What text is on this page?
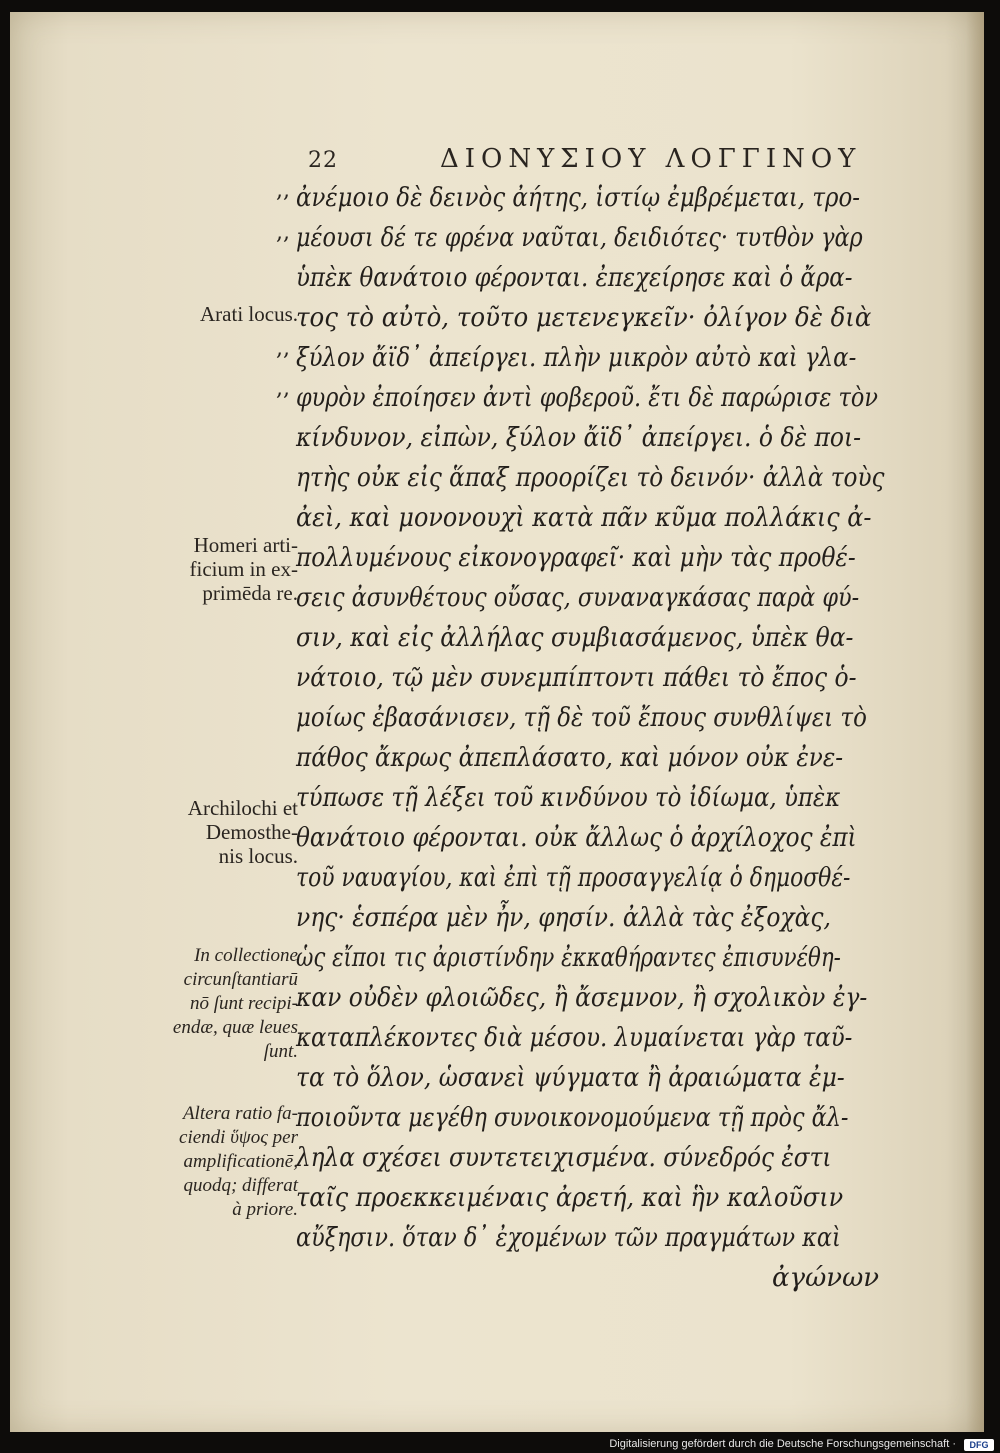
22	ΔΙΟΝΥΣΙΟΥ ΛΟΓΓΙΝΟΥ
,,
,,
,,
,,
ἀνέμοιο δὲ δεινὸς ἀήτης, ἱστίῳ ἐμβρέμεται, τρο-
μέουσι δέ τε φρένα ναῦται, δειδιότες· τυτθὸν γὰρ
ὑπὲκ θανάτοιο φέρονται. ἐπεχείρησε καὶ ὁ ἄρα-
τος τὸ αὐτὸ, τοῦτο μετενεγκεῖν· ὀλίγον δὲ διὰ
ξύλον ἄϊδ᾽ ἀπείργει. πλὴν μικρὸν αὐτὸ καὶ γλα-
φυρὸν ἐποίησεν ἀντὶ φοβεροῦ. ἔτι δὲ παρώρισε τὸν
κίνδυνον, εἰπὼν, ξύλον ἄϊδ᾽ ἀπείργει. ὁ δὲ ποι-
ητὴς οὐκ εἰς ἅπαξ προορίζει τὸ δεινόν· ἀλλὰ τοὺς
ἀεὶ, καὶ μονονουχὶ κατὰ πᾶν κῦμα πολλάκις ἀ-
πολλυμένους εἰκονογραφεῖ· καὶ μὴν τὰς προθέ-
σεις ἀσυνθέτους οὔσας, συναναγκάσας παρὰ φύ-
σιν, καὶ εἰς ἀλλήλας συμβιασάμενος, ὑπὲκ θα-
νάτοιο, τῷ μὲν συνεμπίπτοντι πάθει τὸ ἔπος ὁ-
μοίως ἐβασάνισεν, τῇ δὲ τοῦ ἔπους συνθλίψει τὸ
πάθος ἄκρως ἀπεπλάσατο, καὶ μόνον οὐκ ἐνε-
τύπωσε τῇ λέξει τοῦ κινδύνου τὸ ἰδίωμα, ὑπὲκ
θανάτοιο φέρονται. οὐκ ἄλλως ὁ ἀρχίλοχος ἐπὶ
τοῦ ναυαγίου, καὶ ἐπὶ τῇ προσαγγελίᾳ ὁ δημοσθέ-
νης· ἑσπέρα μὲν ἦν, φησίν. ἀλλὰ τὰς ἐξοχὰς,
ὡς εἴποι τις ἀριστίνδην ἐκκαθήραντες ἐπισυνέθη-
καν οὐδὲν φλοιῶδες, ἢ ἄσεμνον, ἢ σχολικὸν ἐγ-
καταπλέκοντες διὰ μέσου. λυμαίνεται γὰρ ταῦ-
τα τὸ ὅλον, ὡσανεὶ ψύγματα ἢ ἀραιώματα ἐμ-
ποιοῦντα μεγέθη συνοικονομούμενα τῇ πρὸς ἄλ-
ληλα σχέσει συντετειχισμένα. σύνεδρός ἐστι
ταῖς προεκκειμέναις ἀρετή, καὶ ἣν καλοῦσιν
αὔξησιν. ὅταν δ᾽ ἐχομένων τῶν πραγμάτων καὶ
ἀγώνων
Arati locus.
Homeri arti-
ficium in ex-
primēda re.
Archilochi et
Demosthe-
nis locus.
In collectione
circunſtantiarū
nō ſunt recipi-
endæ, quæ leues
ſunt.
Altera ratio fa-
ciendi ὕψος per
amplificationē,
quodq; differat
à priore.
Digitalisierung gefördert durch die Deutsche Forschungsgemeinschaft ·	DFG
